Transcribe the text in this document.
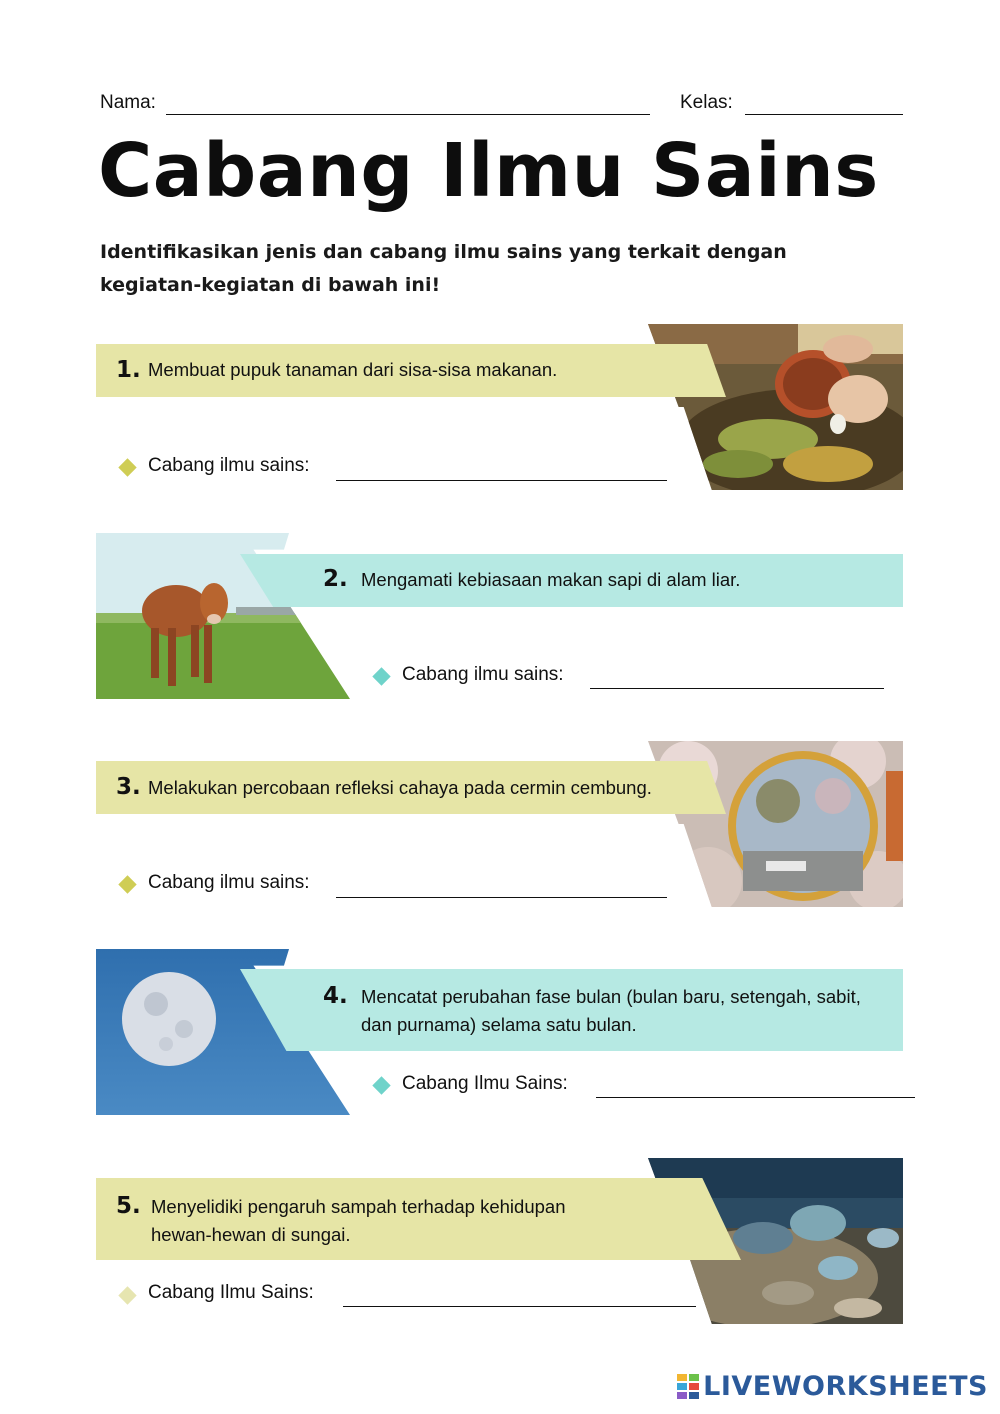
Nama:	Kelas:
Cabang Ilmu Sains
Identifikasikan jenis dan cabang ilmu sains yang terkait dengan kegiatan-kegiatan di bawah ini!
1. Membuat pupuk tanaman dari sisa-sisa makanan.
Cabang ilmu sains:
2. Mengamati kebiasaan makan sapi di alam liar.
Cabang ilmu sains:
3. Melakukan percobaan refleksi cahaya pada cermin cembung.
Cabang ilmu sains:
4. Mencatat perubahan fase bulan (bulan baru, setengah, sabit, dan purnama) selama satu bulan.
Cabang Ilmu Sains:
5. Menyelidiki pengaruh sampah terhadap kehidupan hewan-hewan di sungai.
Cabang Ilmu Sains:
LIVEWORKSHEETS
